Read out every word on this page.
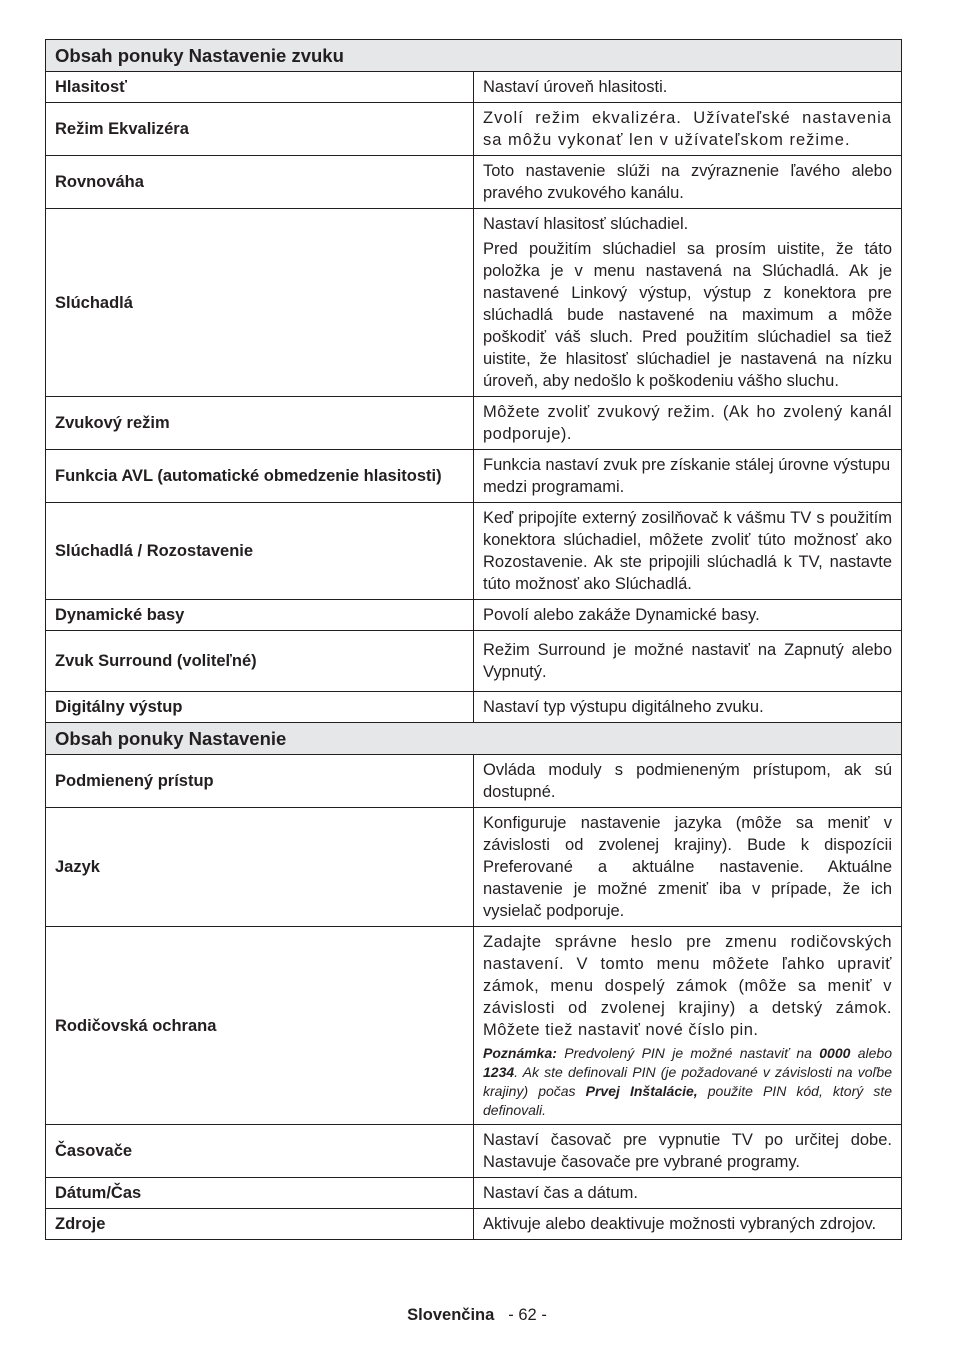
Obsah ponuky Nastavenie zvuku	
Hlasitosť	Nastaví úroveň hlasitosti.
Režim Ekvalizéra	Zvolí režim ekvalizéra. Užívateľské nastavenia sa môžu vykonať len v užívateľskom režime.
Rovnováha	Toto nastavenie slúži na zvýraznenie ľavého alebo pravého zvukového kanálu.
Slúchadlá	Nastaví hlasitosť slúchadiel.

Pred použitím slúchadiel sa prosím uistite, že táto položka je v menu nastavená na Slúchadlá. Ak je nastavené Linkový výstup, výstup z konektora pre slúchadlá bude nastavené na maximum a môže poškodiť váš sluch. Pred použitím slúchadiel sa tiež uistite, že hlasitosť slúchadiel je nastavená na nízku úroveň, aby nedošlo k poškodeniu vášho sluchu.

Zvukový režim	Môžete zvoliť zvukový režim. (Ak ho zvolený kanál podporuje).
Funkcia AVL (automatické obmedzenie hlasitosti)	Funkcia nastaví zvuk pre získanie stálej úrovne výstupu medzi programami.
Slúchadlá / Rozostavenie	Keď pripojíte externý zosilňovač k vášmu TV s použitím konektora slúchadiel, môžete zvoliť túto možnosť ako Rozostavenie. Ak ste pripojili slúchadlá k TV, nastavte túto možnosť ako Slúchadlá.
Dynamické basy	Povolí alebo zakáže Dynamické basy.
Zvuk Surround (voliteľné)	Režim Surround je možné nastaviť na Zapnutý alebo Vypnutý.
Digitálny výstup	Nastaví typ výstupu digitálneho zvuku.
Obsah ponuky Nastavenie	
Podmienený prístup	Ovláda moduly s podmieneným prístupom, ak sú dostupné.
Jazyk	Konfiguruje nastavenie jazyka (môže sa meniť v závislosti od zvolenej krajiny). Bude k dispozícii Preferované a aktuálne nastavenie. Aktuálne nastavenie je možné zmeniť iba v prípade, že ich vysielač podporuje.
Rodičovská ochrana	Zadajte správne heslo pre zmenu rodičovských nastavení. V tomto menu môžete ľahko upraviť zámok, menu dospelý zámok (môže sa meniť v závislosti od zvolenej krajiny) a detský zámok. Môžete tiež nastaviť nové číslo pin.

Poznámka: Predvolený PIN je možné nastaviť na 0000 alebo 1234. Ak ste definovali PIN (je požadované v závislosti na voľbe krajiny) počas Prvej Inštalácie, použite PIN kód, ktorý ste definovali.

Časovače	Nastaví časovač pre vypnutie TV po určitej dobe. Nastavuje časovače pre vybrané programy.
Dátum/Čas	Nastaví čas a dátum.
Zdroje	Aktivuje alebo deaktivuje možnosti vybraných zdrojov.
Slovenčina - 62 -
